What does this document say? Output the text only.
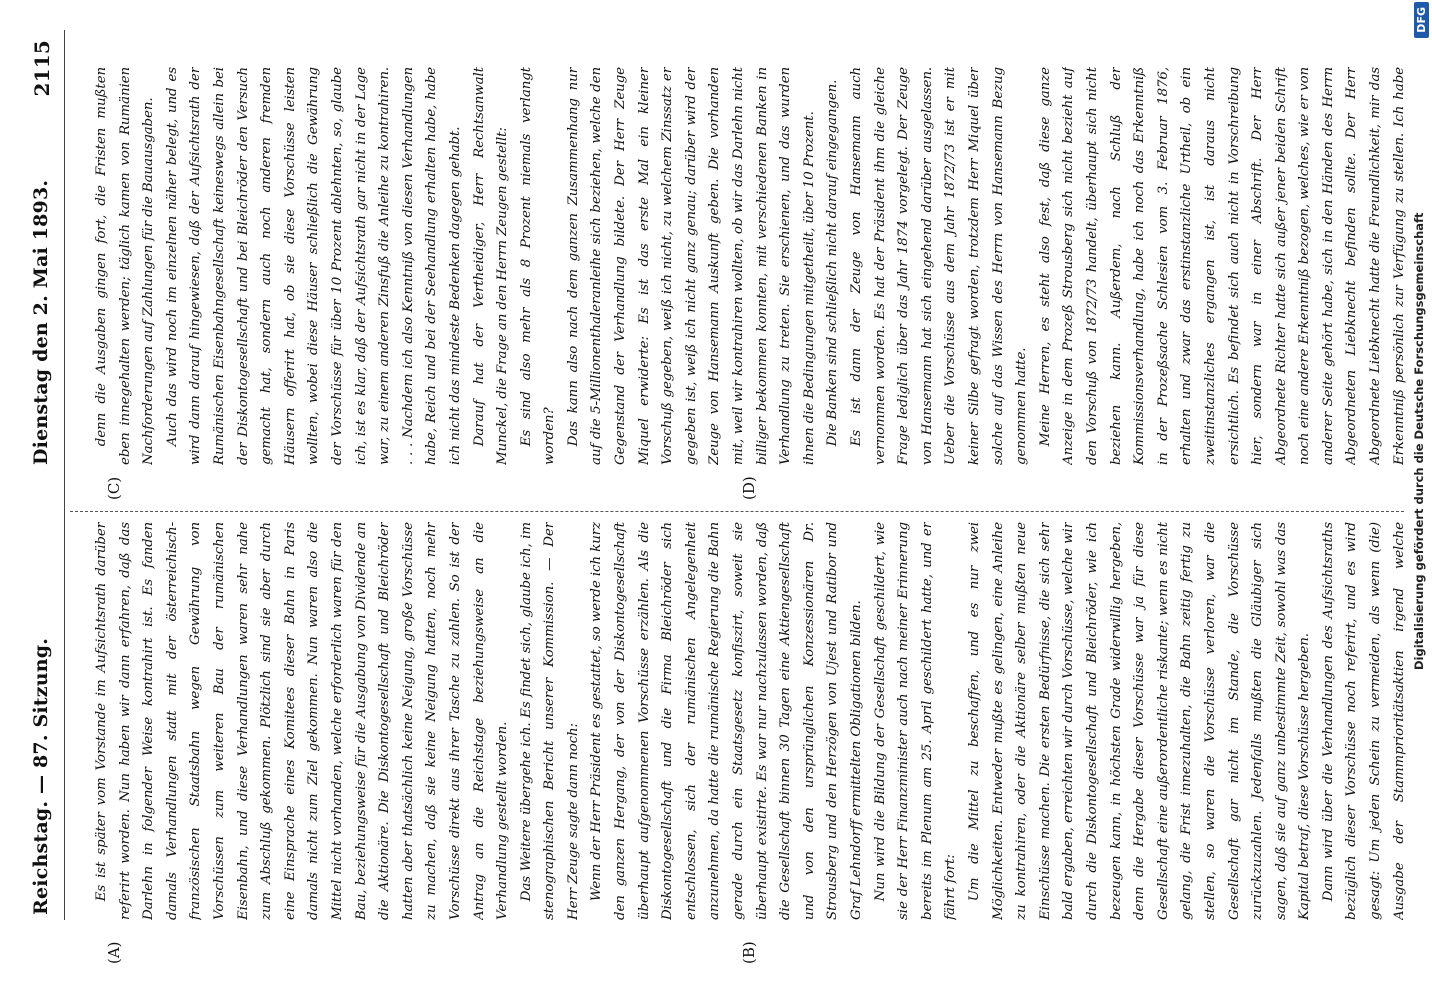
Reichstag. — 87. Sitzung.
Dienstag den 2. Mai 1893.
2115
(A)	(B)
(C)	(D)

Es ist später vom Vorstande im Aufsichtsrath darüber referirt worden. Nun haben wir dann erfahren, daß das Darlehn in folgender Weise kontrahirt ist. Es fanden damals Verhandlungen statt mit der österreichisch-französischen Staatsbahn wegen Gewährung von Vorschüssen zum weiteren Bau der rumänischen Eisenbahn, und diese Verhandlungen waren sehr nahe zum Abschluß gekommen. Plötzlich sind sie aber durch eine Einsprache eines Komitees dieser Bahn in Paris damals nicht zum Ziel gekommen. Nun waren also die Mittel nicht vorhanden, welche erforderlich waren für den Bau, beziehungsweise für die Ausgabung von Dividende an die Aktionäre. Die Diskontogesellschaft und Bleichröder hatten aber thatsächlich keine Neigung, große Vorschüsse zu machen, daß sie keine Neigung hatten, noch mehr Vorschüsse direkt aus ihrer Tasche zu zahlen. So ist der Antrag an die Reichstage beziehungsweise an die Verhandlung gestellt worden. Das Weitere übergehe ich. Es findet sich, glaube ich, im stenographischen Bericht unserer Kommission. — Der Herr Zeuge sagte dann noch: Wenn der Herr Präsident es gestattet, so werde ich kurz den ganzen Hergang, der von der Diskontogesellschaft überhaupt aufgenommenen Vorschüsse erzählen. Als die Diskontogesellschaft und die Firma Bleichröder sich entschlossen, sich der rumänischen Angelegenheit anzunehmen, da hatte die rumänische Regierung die Bahn gerade durch ein Staatsgesetz konfiszirt, soweit sie überhaupt existirte. Es war nur nachzulassen worden, daß die Gesellschaft binnen 30 Tagen eine Aktiengesellschaft und von den ursprünglichen Konzessionären Dr. Strousberg und den Herzögen von Ujest und Ratibor und Graf Lehndorff ermittelten Obligationen bilden. Nun wird die Bildung der Gesellschaft geschildert, wie sie der Herr Finanzminister auch nach meiner Erinnerung bereits im Plenum am 25. April geschildert hatte, und er fährt fort: Um die Mittel zu beschaffen, und es nur zwei Möglichkeiten. Entweder mußte es gelingen, eine Anleihe zu kontrahiren, oder die Aktionäre selber mußten neue Einschüsse machen. Die ersten Bedürfnisse, die sich sehr bald ergaben, erreichten wir durch Vorschüsse, welche wir durch die Diskontogesellschaft und Bleichröder, wie ich bezeugen kann, in höchsten Grade widerwillig hergeben, denn die Hergabe dieser Vorschüsse war ja für diese Gesellschaft eine außerordentliche riskante; wenn es nicht gelang, die Frist innezuhalten, die Bahn zeitig fertig zu stellen, so waren die Vorschüsse verloren, war die Gesellschaft gar nicht im Stande, die Vorschüsse zurückzuzahlen. Jedenfalls mußten die Gläubiger sich sagen, daß sie auf ganz unbestimmte Zeit, sowohl was das Kapital betraf, diese Vorschüsse hergeben. Dann wird über die Verhandlungen des Aufsichtsraths bezüglich dieser Vorschüsse noch referirt, und es wird gesagt: Um jeden Schein zu vermeiden, als wenn (die) Ausgabe der Stammprioritätsaktien irgend welche

denn die Ausgaben gingen fort, die Fristen mußten eben innegehalten werden; täglich kamen von Rumänien Nachforderungen auf Zahlungen für die Bauausgaben. Auch das wird noch im einzelnen näher belegt, und es wird dann darauf hingewiesen, daß der Aufsichtsrath der Rumänischen Eisenbahngesellschaft keineswegs allein bei der Diskontogesellschaft und bei Bleichröder den Versuch gemacht hat, sondern auch noch anderen fremden Häusern offerirt hat, ob sie diese Vorschüsse leisten wollten, wobei diese Häuser schließlich die Gewährung der Vorschüsse für über 10 Prozent ablehnten, so, glaube ich, ist es klar, daß der Aufsichtsrath gar nicht in der Lage war, zu einem anderen Zinsfuß die Anleihe zu kontrahiren. . . . Nachdem ich also Kenntniß von diesen Verhandlungen habe, Reich und bei der Seehandlung erhalten habe, habe ich nicht das mindeste Bedenken dagegen gehabt. Darauf hat der Vertheidiger, Herr Rechtsanwalt Munckel, die Frage an den Herrn Zeugen gestellt: Es sind also mehr als 8 Prozent niemals verlangt worden? Das kann also nach dem ganzen Zusammenhang nur auf die 5-Millionenthaleranleihe sich beziehen, welche den Gegenstand der Verhandlung bildete. Der Herr Zeuge Miquel erwiderte: Es ist das erste Mal ein kleiner Vorschuß gegeben, weiß ich nicht, zu welchem Zinssatz er gegeben ist, weiß ich nicht ganz genau; darüber wird der Zeuge von Hansemann Auskunft geben. Die vorhanden mit, weil wir kontrahiren wollten, ob wir das Darlehn nicht billiger bekommen konnten, mit verschiedenen Banken in Verhandlung zu treten. Sie erschienen, und das wurden ihnen die Bedingungen mitgetheilt, über 10 Prozent. Die Banken sind schließlich nicht darauf eingegangen. Es ist dann der Zeuge von Hansemann auch vernommen worden. Es hat der Präsident ihm die gleiche Frage lediglich über das Jahr 1874 vorgelegt. Der Zeuge von Hansemann hat sich eingehend darüber ausgelassen. Ueber die Vorschüsse aus dem Jahr 1872/73 ist er mit keiner Silbe gefragt worden, trotzdem Herr Miquel über solche auf das Wissen des Herrn von Hansemann Bezug genommen hatte. Meine Herren, es steht also fest, daß diese ganze Anzeige in dem Prozeß Strousberg sich nicht bezieht auf den Vorschuß von 1872/73 handelt, überhaupt sich nicht beziehen kann. Außerdem, nach Schluß der Kommissionsverhandlung, habe ich noch das Erkenntniß in der Prozeßsache Schlesien vom 3. Februar 1876, erhalten und zwar das erstinstanzliche Urtheil, ob ein zweitinstanzliches ergangen ist, ist daraus nicht ersichtlich. Es befindet sich auch nicht in Vorschreibung hier, sondern war in einer Abschrift. Der Herr Abgeordnete Richter hatte sich außer jener beiden Schrift noch eine andere Erkenntniß bezogen, welches, wie er von anderer Seite gehört habe, sich in den Händen des Herrn Abgeordneten Liebknecht befinden sollte. Der Herr Abgeordnete Liebknecht hatte die Freundlichkeit, mir das Erkenntniß persönlich zur Verfügung zu stellen. Ich habe

Digitalisierung gefördert durch die Deutsche Forschungsgemeinschaft
DFG
